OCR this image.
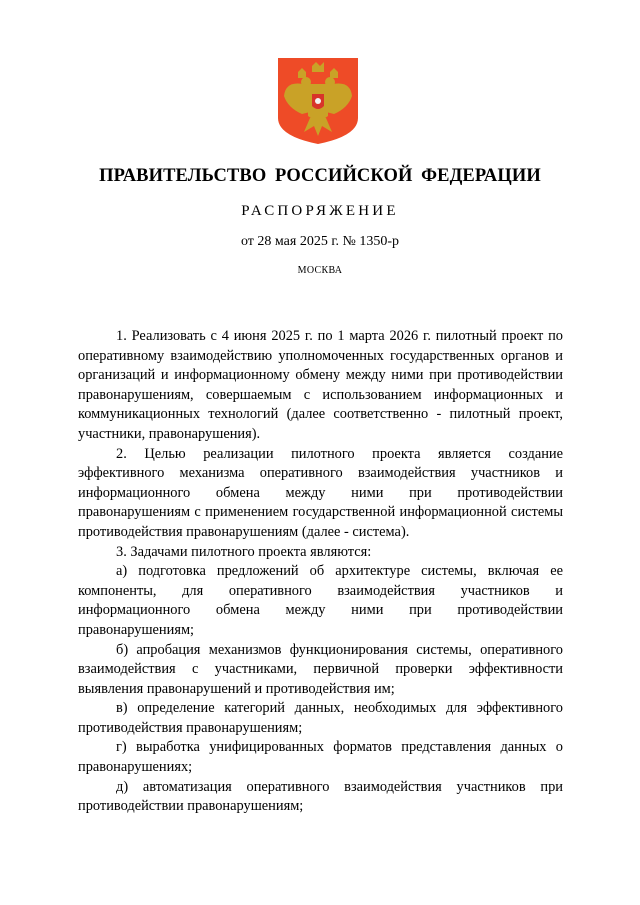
ПРАВИТЕЛЬСТВО РОССИЙСКОЙ ФЕДЕРАЦИИ
РАСПОРЯЖЕНИЕ
от 28 мая 2025 г. № 1350-р
МОСКВА

1. Реализовать с 4 июня 2025 г. по 1 марта 2026 г. пилотный проект по оперативному взаимодействию уполномоченных государственных органов и организаций и информационному обмену между ними при противодействии правонарушениям, совершаемым с использованием информационных и коммуникационных технологий (далее соответственно - пилотный проект, участники, правонарушения).

2. Целью реализации пилотного проекта является создание эффективного механизма оперативного взаимодействия участников и информационного обмена между ними при противодействии правонарушениям с применением государственной информационной системы противодействия правонарушениям (далее - система).

3. Задачами пилотного проекта являются:

а) подготовка предложений об архитектуре системы, включая ее компоненты, для оперативного взаимодействия участников и информационного обмена между ними при противодействии правонарушениям;

б) апробация механизмов функционирования системы, оперативного взаимодействия с участниками, первичной проверки эффективности выявления правонарушений и противодействия им;

в) определение категорий данных, необходимых для эффективного противодействия правонарушениям;

г) выработка унифицированных форматов представления данных о правонарушениях;

д) автоматизация оперативного взаимодействия участников при противодействии правонарушениям;
